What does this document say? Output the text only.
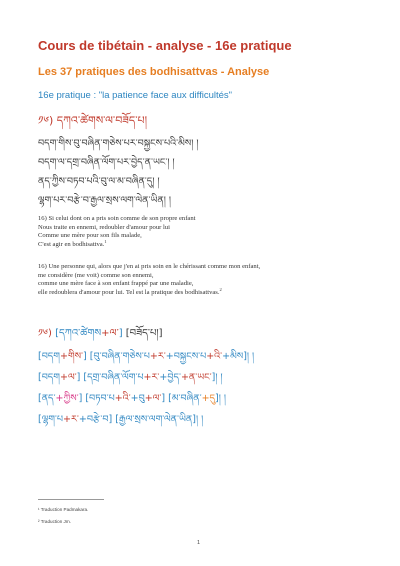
Cours de tibétain - analyse - 16e pratique
Les 37 pratiques des bodhisattvas - Analyse
16e pratique : "la patience face aux difficultés"
༡༦) དཀའ་ཚེགས་ལ་བཟོད་པ།
བདག་གིས་བུ་བཞིན་གཅེས་པར་བསྐྱངས་པའི་མིས། །
བདག་ལ་དགྲ་བཞིན་ལོག་པར་བྱེད་ན་ཡང་། །
ནད་ཀྱིས་བཏབ་པའི་བུ་ལ་མ་བཞིན་དུ། །
ལྷག་པར་བརྩེ་བ་རྒྱལ་སྲས་ལག་ལེན་ཡིན། །

16) Si celui dont on a pris soin comme de son propre enfant

Nous traite en ennemi, redoubler d'amour pour lui

Comme une mère pour son fils malade,

C'est agir en bodhisattva.$^1$

16) Une personne qui, alors que j'en ai pris soin en le chérissant comme mon enfant,

me considère (me voit) comme son ennemi,

comme une mère face à son enfant frappé par une maladie,

elle redoublera d'amour pour lui. Tel est la pratique des bodhisattvas.$^2$

༡༦) [དཀའ་ཚེགས+ལ་] [བཟོད་པ།]
[བདག+གིས་] [བུ་བཞིན་གཅེས་པ+ར་+བསྐྱངས་པ+འི་+མིས]། །
[བདག+ལ་] [དགྲ་བཞིན་ལོག་པ+ར་+བྱེད་+ན་ཡང་]། །
[ནད་+ཀྱིས་] [བཏབ་པ+འི་+བུ+ལ་] [མ་བཞིན་+དུ]། །
[ལྷག་པ+ར་+བརྩེ་བ] [རྒྱལ་སྲས་ལག་ལེན་ཡིན]། །
¹ Traduction Padmakara.
² Traduction Jm.
1
